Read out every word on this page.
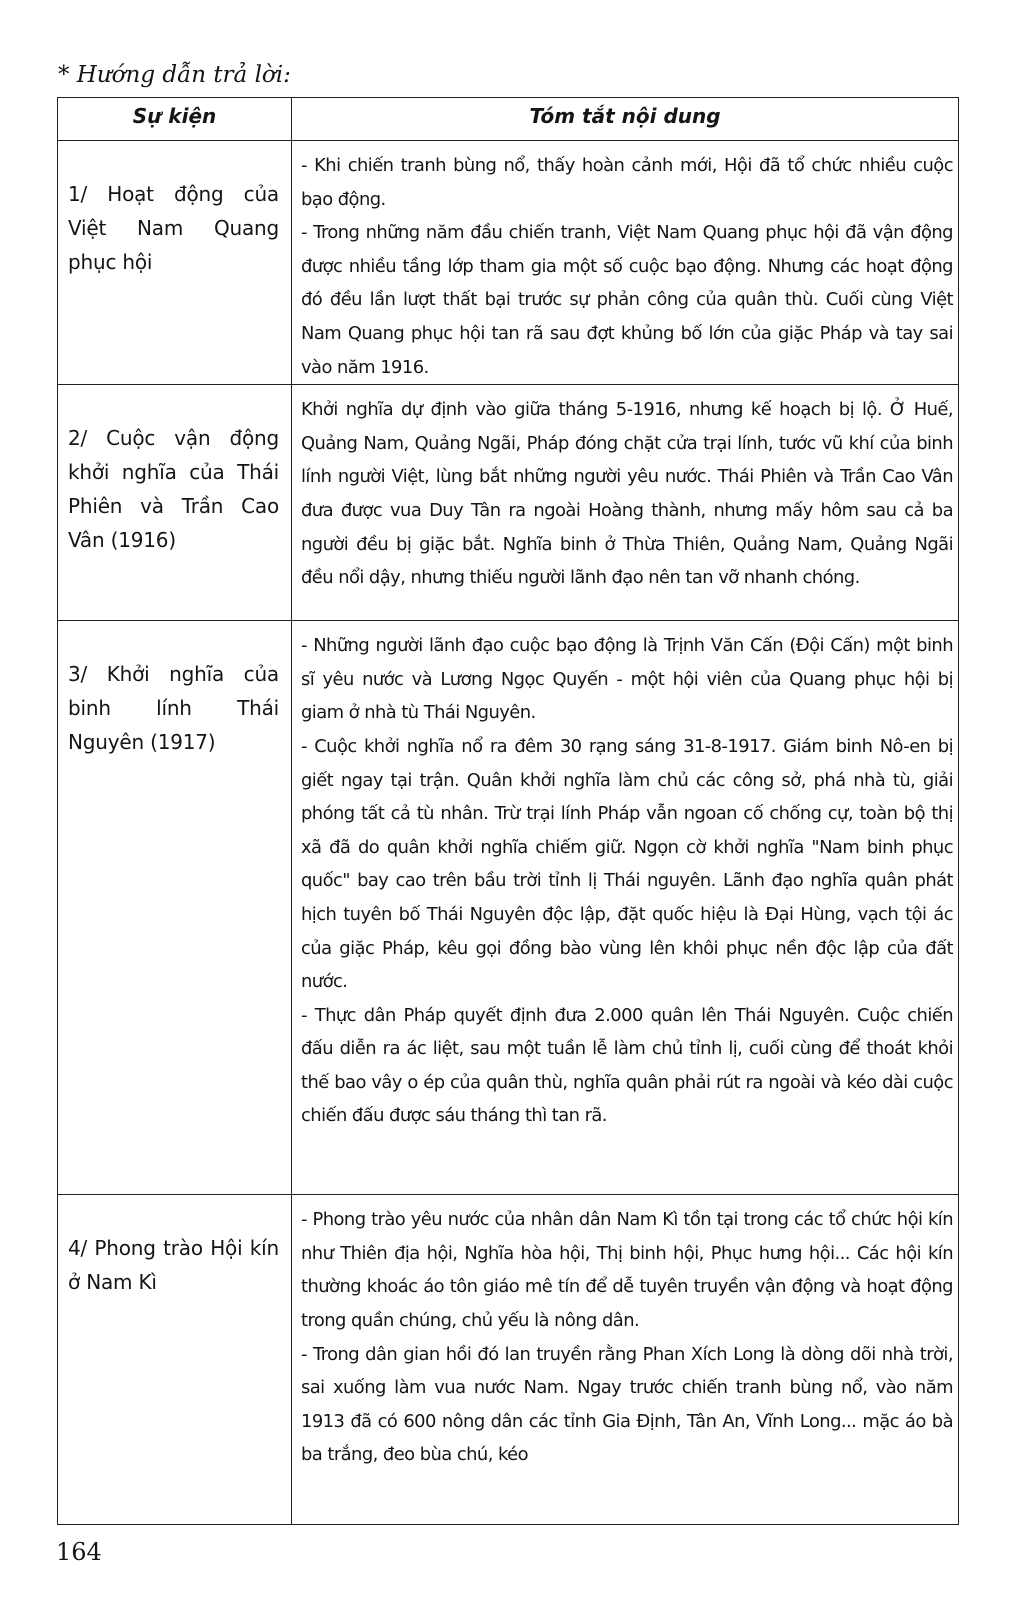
* Hướng dẫn trả lời:
Sự kiện	Tóm tắt nội dung
1/ Hoạt động của Việt Nam Quang phục hội	- Khi chiến tranh bùng nổ, thấy hoàn cảnh mới, Hội đã tổ chức nhiều cuộc bạo động.

- Trong những năm đầu chiến tranh, Việt Nam Quang phục hội đã vận động được nhiều tầng lớp tham gia một số cuộc bạo động. Nhưng các hoạt động đó đều lần lượt thất bại trước sự phản công của quân thù. Cuối cùng Việt Nam Quang phục hội tan rã sau đợt khủng bố lớn của giặc Pháp và tay sai vào năm 1916.

2/ Cuộc vận động khởi nghĩa của Thái Phiên và Trần Cao Vân (1916)	Khởi nghĩa dự định vào giữa tháng 5-1916, nhưng kế hoạch bị lộ. Ở Huế, Quảng Nam, Quảng Ngãi, Pháp đóng chặt cửa trại lính, tước vũ khí của binh lính người Việt, lùng bắt những người yêu nước. Thái Phiên và Trần Cao Vân đưa được vua Duy Tân ra ngoài Hoàng thành, nhưng mấy hôm sau cả ba người đều bị giặc bắt. Nghĩa binh ở Thừa Thiên, Quảng Nam, Quảng Ngãi đều nổi dậy, nhưng thiếu người lãnh đạo nên tan vỡ nhanh chóng.

3/ Khởi nghĩa của binh lính Thái Nguyên (1917)	- Những người lãnh đạo cuộc bạo động là Trịnh Văn Cấn (Đội Cấn) một binh sĩ yêu nước và Lương Ngọc Quyến - một hội viên của Quang phục hội bị giam ở nhà tù Thái Nguyên.

- Cuộc khởi nghĩa nổ ra đêm 30 rạng sáng 31-8-1917. Giám binh Nô-en bị giết ngay tại trận. Quân khởi nghĩa làm chủ các công sở, phá nhà tù, giải phóng tất cả tù nhân. Trừ trại lính Pháp vẫn ngoan cố chống cự, toàn bộ thị xã đã do quân khởi nghĩa chiếm giữ. Ngọn cờ khởi nghĩa "Nam binh phục quốc" bay cao trên bầu trời tỉnh lị Thái nguyên. Lãnh đạo nghĩa quân phát hịch tuyên bố Thái Nguyên độc lập, đặt quốc hiệu là Đại Hùng, vạch tội ác của giặc Pháp, kêu gọi đồng bào vùng lên khôi phục nền độc lập của đất nước.

- Thực dân Pháp quyết định đưa 2.000 quân lên Thái Nguyên. Cuộc chiến đấu diễn ra ác liệt, sau một tuần lễ làm chủ tỉnh lị, cuối cùng để thoát khỏi thế bao vây o ép của quân thù, nghĩa quân phải rút ra ngoài và kéo dài cuộc chiến đấu được sáu tháng thì tan rã.

4/ Phong trào Hội kín ở Nam Kì	- Phong trào yêu nước của nhân dân Nam Kì tồn tại trong các tổ chức hội kín như Thiên địa hội, Nghĩa hòa hội, Thị binh hội, Phục hưng hội... Các hội kín thường khoác áo tôn giáo mê tín để dễ tuyên truyền vận động và hoạt động trong quần chúng, chủ yếu là nông dân.

- Trong dân gian hồi đó lan truyền rằng Phan Xích Long là dòng dõi nhà trời, sai xuống làm vua nước Nam. Ngay trước chiến tranh bùng nổ, vào năm 1913 đã có 600 nông dân các tỉnh Gia Định, Tân An, Vĩnh Long... mặc áo bà ba trắng, đeo bùa chú, kéo

164
